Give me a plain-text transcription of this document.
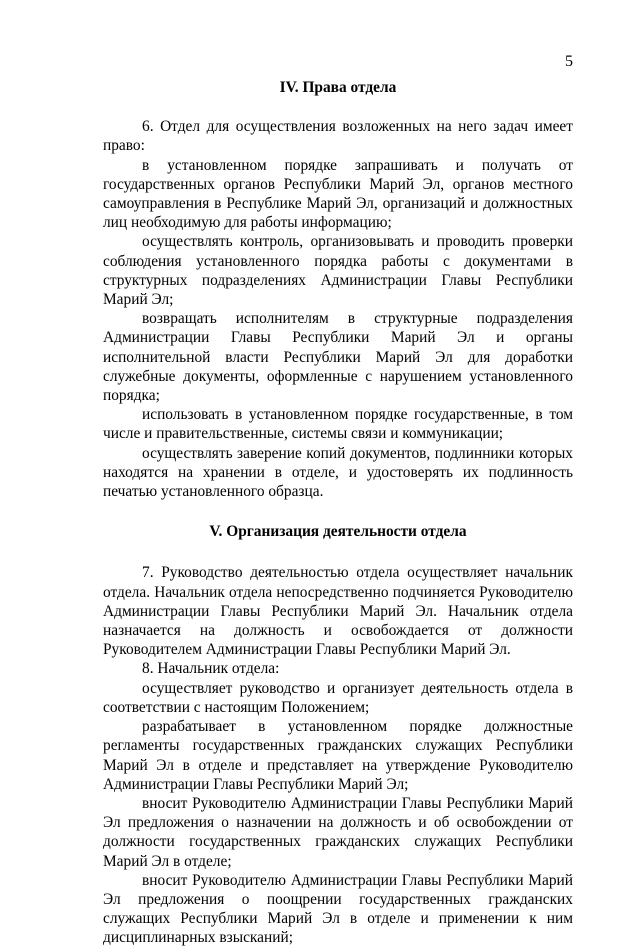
5

IV. Права отдела

6. Отдел для осуществления возложенных на него задач имеет право:

в установленном порядке запрашивать и получать от государственных органов Республики Марий Эл, органов местного самоуправления в Республике Марий Эл, организаций и должностных лиц необходимую для работы информацию;

осуществлять контроль, организовывать и проводить проверки соблюдения установленного порядка работы с документами в структурных подразделениях Администрации Главы Республики Марий Эл;

возвращать исполнителям в структурные подразделения Администрации Главы Республики Марий Эл и органы исполнительной власти Республики Марий Эл для доработки служебные документы, оформленные с нарушением установленного порядка;

использовать в установленном порядке государственные, в том числе и правительственные, системы связи и коммуникации;

осуществлять заверение копий документов, подлинники которых находятся на хранении в отделе, и удостоверять их подлинность печатью установленного образца.

V. Организация деятельности отдела

7. Руководство деятельностью отдела осуществляет начальник отдела. Начальник отдела непосредственно подчиняется Руководителю Администрации Главы Республики Марий Эл. Начальник отдела назначается на должность и освобождается от должности Руководителем Администрации Главы Республики Марий Эл.

8. Начальник отдела:

осуществляет руководство и организует деятельность отдела в соответствии с настоящим Положением;

разрабатывает в установленном порядке должностные регламенты государственных гражданских служащих Республики Марий Эл в отделе и представляет на утверждение Руководителю Администрации Главы Республики Марий Эл;

вносит Руководителю Администрации Главы Республики Марий Эл предложения о назначении на должность и об освобождении от должности государственных гражданских служащих Республики Марий Эл в отделе;

вносит Руководителю Администрации Главы Республики Марий Эл предложения о поощрении государственных гражданских служащих Республики Марий Эл в отделе и применении к ним дисциплинарных взысканий;
